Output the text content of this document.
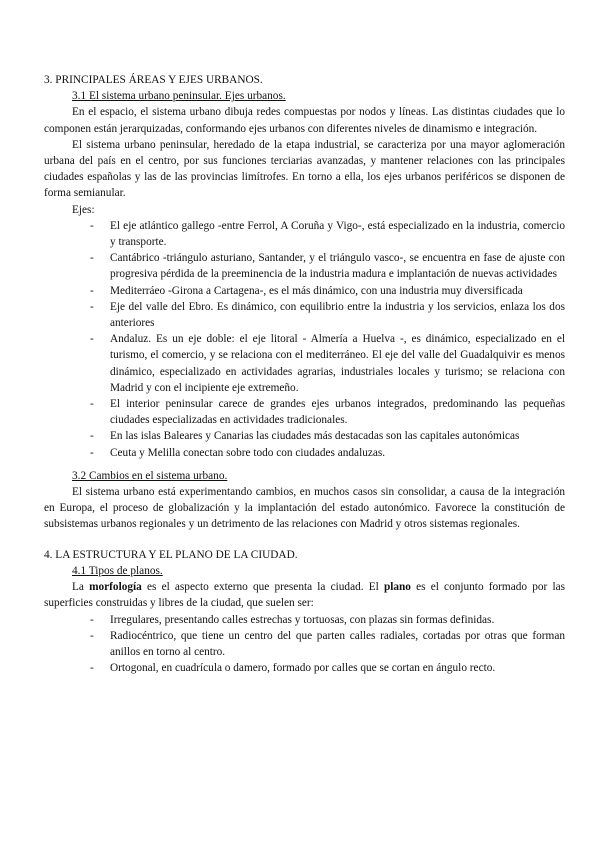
3. PRINCIPALES ÁREAS Y EJES URBANOS.
3.1 El sistema urbano peninsular. Ejes urbanos.

En el espacio, el sistema urbano dibuja redes compuestas por nodos y líneas. Las distintas ciudades que lo componen están jerarquizadas, conformando ejes urbanos con diferentes niveles de dinamismo e integración.

El sistema urbano peninsular, heredado de la etapa industrial, se caracteriza por una mayor aglomeración urbana del país en el centro, por sus funciones terciarias avanzadas, y mantener relaciones con las principales ciudades españolas y las de las provincias limítrofes. En torno a ella, los ejes urbanos periféricos se disponen de forma semianular.

Ejes:
- El eje atlántico gallego -entre Ferrol, A Coruña y Vigo-, está especializado en la industria, comercio y transporte.
- Cantábrico -triángulo asturiano, Santander, y el triángulo vasco-, se encuentra en fase de ajuste con progresiva pérdida de la preeminencia de la industria madura e implantación de nuevas actividades
- Mediterráeo -Girona a Cartagena-, es el más dinámico, con una industria muy diversificada
- Eje del valle del Ebro. Es dinámico, con equilibrio entre la industria y los servicios, enlaza los dos anteriores
- Andaluz. Es un eje doble: el eje litoral - Almería a Huelva -, es dinámico, especializado en el turismo, el comercio, y se relaciona con el mediterráneo. El eje del valle del Guadalquivir es menos dinámico, especializado en actividades agrarias, industriales locales y turismo; se relaciona con Madrid y con el incipiente eje extremeño.
- El interior peninsular carece de grandes ejes urbanos integrados, predominando las pequeñas ciudades especializadas en actividades tradicionales.
- En las islas Baleares y Canarias las ciudades más destacadas son las capitales autonómicas
- Ceuta y Melilla conectan sobre todo con ciudades andaluzas.
3.2 Cambios en el sistema urbano.

El sistema urbano está experimentando cambios, en muchos casos sin consolidar, a causa de la integración en Europa, el proceso de globalización y la implantación del estado autonómico. Favorece la constitución de subsistemas urbanos regionales y un detrimento de las relaciones con Madrid y otros sistemas regionales.

4. LA ESTRUCTURA Y EL PLANO DE LA CIUDAD.
4.1 Tipos de planos.

La morfología es el aspecto externo que presenta la ciudad. El plano es el conjunto formado por las superficies construidas y libres de la ciudad, que suelen ser:

- Irregulares, presentando calles estrechas y tortuosas, con plazas sin formas definidas.
- Radiocéntrico, que tiene un centro del que parten calles radiales, cortadas por otras que forman anillos en torno al centro.
- Ortogonal, en cuadrícula o damero, formado por calles que se cortan en ángulo recto.
